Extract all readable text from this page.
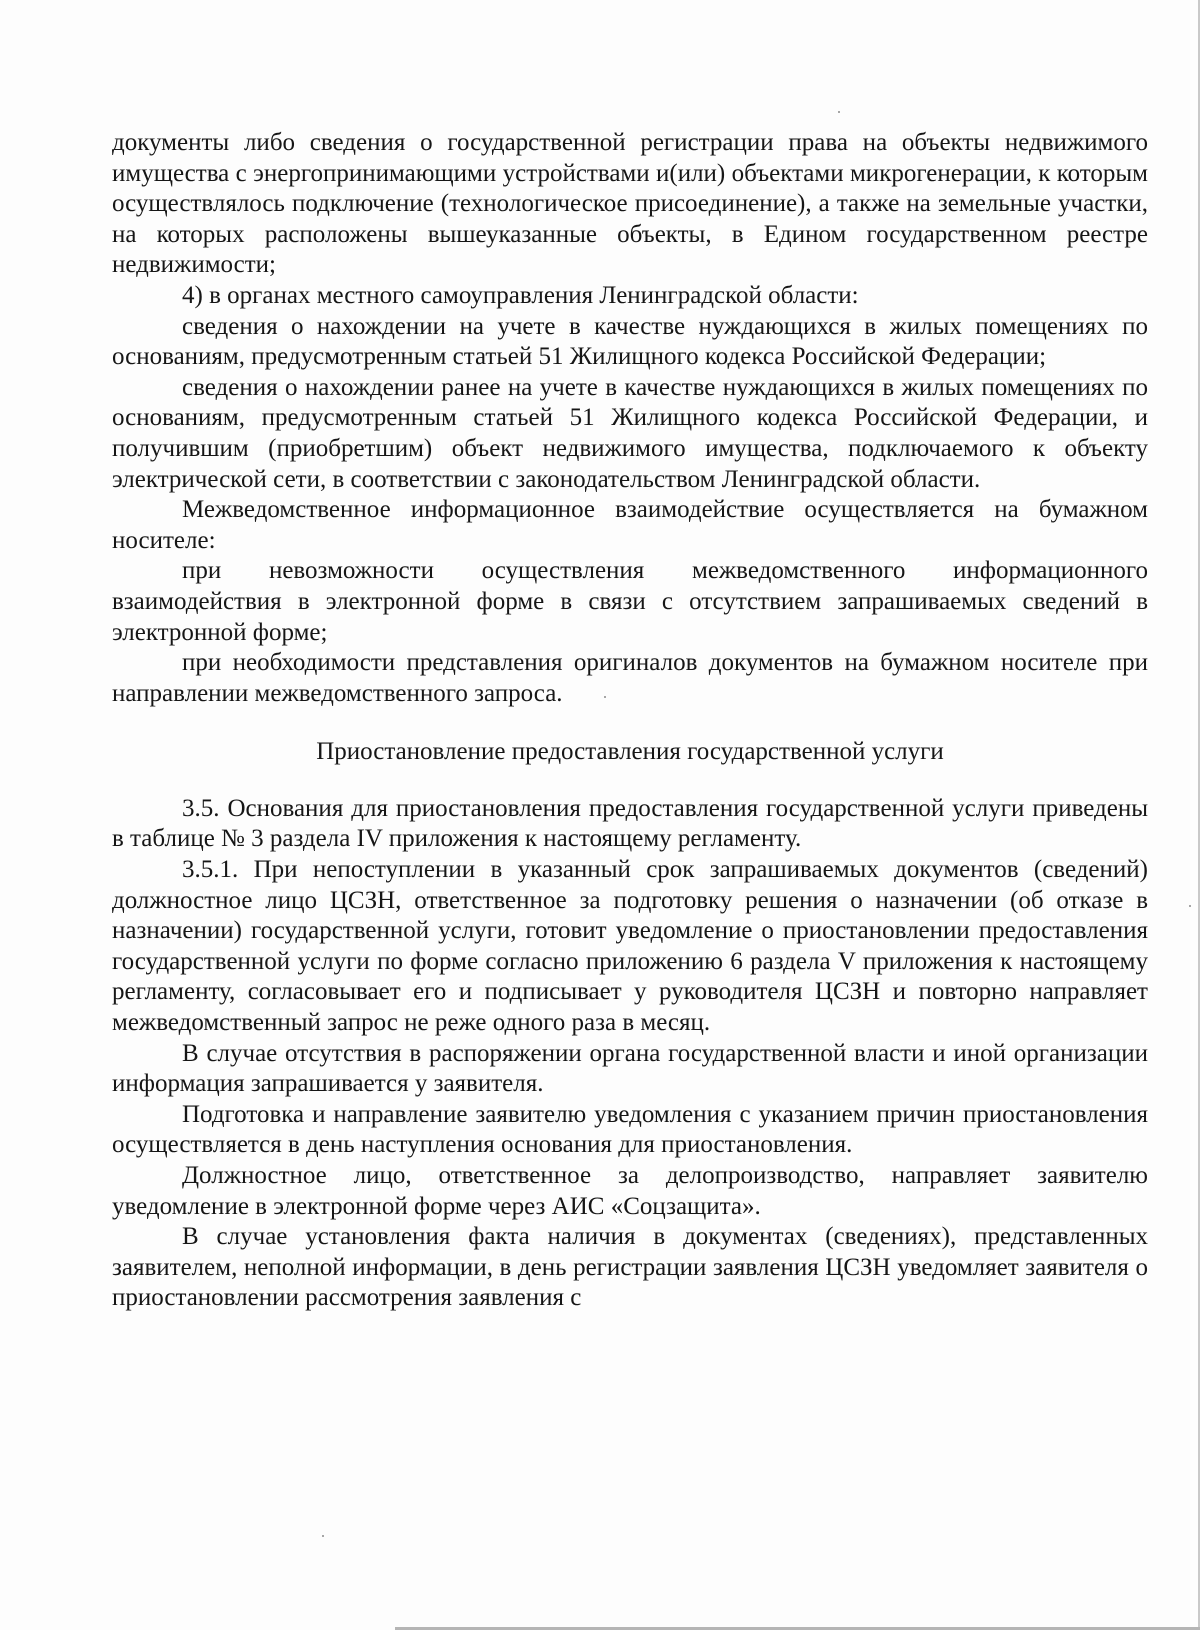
документы либо сведения о государственной регистрации права на объекты недвижимого имущества с энергопринимающими устройствами и(или) объектами микрогенерации, к которым осуществлялось подключение (технологическое присоединение), а также на земельные участки, на которых расположены вышеуказанные объекты, в Едином государственном реестре недвижимости;

4) в органах местного самоуправления Ленинградской области:

сведения о нахождении на учете в качестве нуждающихся в жилых помещениях по основаниям, предусмотренным статьей 51 Жилищного кодекса Российской Федерации;

сведения о нахождении ранее на учете в качестве нуждающихся в жилых помещениях по основаниям, предусмотренным статьей 51 Жилищного кодекса Российской Федерации, и получившим (приобретшим) объект недвижимого имущества, подключаемого к объекту электрической сети, в соответствии с законодательством Ленинградской области.

Межведомственное информационное взаимодействие осуществляется на бумажном носителе:

при невозможности осуществления межведомственного информационного взаимодействия в электронной форме в связи с отсутствием запрашиваемых сведений в электронной форме;

при необходимости представления оригиналов документов на бумажном носителе при направлении межведомственного запроса.

Приостановление предоставления государственной услуги

3.5. Основания для приостановления предоставления государственной услуги приведены в таблице № 3 раздела IV приложения к настоящему регламенту.

3.5.1. При непоступлении в указанный срок запрашиваемых документов (сведений) должностное лицо ЦСЗН, ответственное за подготовку решения о назначении (об отказе в назначении) государственной услуги, готовит уведомление о приостановлении предоставления государственной услуги по форме согласно приложению 6 раздела V приложения к настоящему регламенту, согласовывает его и подписывает у руководителя ЦСЗН и повторно направляет межведомственный запрос не реже одного раза в месяц.

В случае отсутствия в распоряжении органа государственной власти и иной организации информация запрашивается у заявителя.

Подготовка и направление заявителю уведомления с указанием причин приостановления осуществляется в день наступления основания для приостановления.

Должностное лицо, ответственное за делопроизводство, направляет заявителю уведомление в электронной форме через АИС «Соцзащита».

В случае установления факта наличия в документах (сведениях), представленных заявителем, неполной информации, в день регистрации заявления ЦСЗН уведомляет заявителя о приостановлении рассмотрения заявления с
